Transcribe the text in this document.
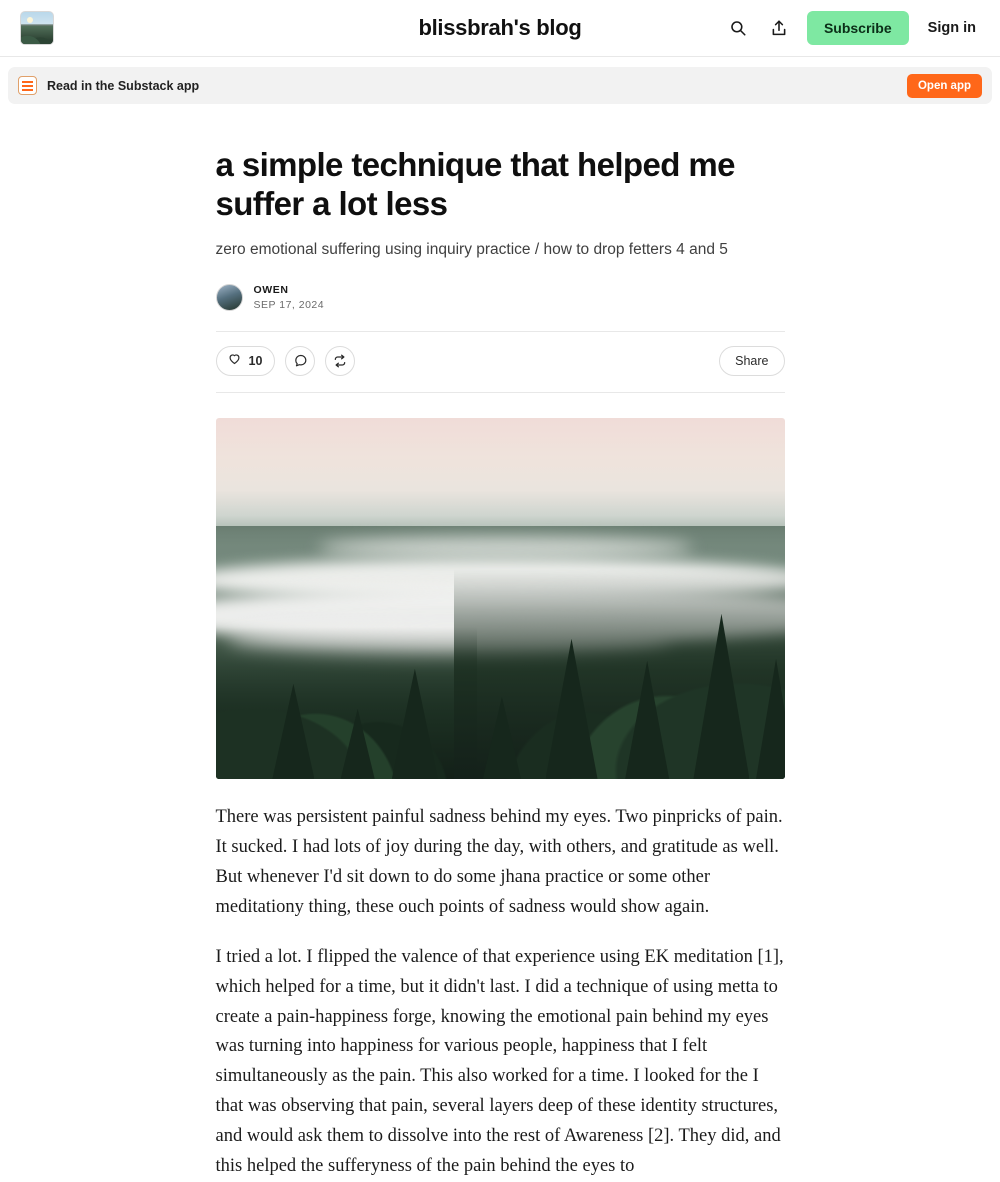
blissbrah's blog	Subscribe	Sign in
Read in the Substack app	Open app
a simple technique that helped me suffer a lot less

zero emotional suffering using inquiry practice / how to drop fetters 4 and 5

OWEN
SEP 17, 2024
10	Share

There was persistent painful sadness behind my eyes. Two pinpricks of pain. It sucked. I had lots of joy during the day, with others, and gratitude as well. But whenever I'd sit down to do some jhana practice or some other meditationy thing, these ouch points of sadness would show again.

I tried a lot. I flipped the valence of that experience using EK meditation [1], which helped for a time, but it didn't last. I did a technique of using metta to create a pain-happiness forge, knowing the emotional pain behind my eyes was turning into happiness for various people, happiness that I felt simultaneously as the pain. This also worked for a time. I looked for the I that was observing that pain, several layers deep of these identity structures, and would ask them to dissolve into the rest of Awareness [2]. They did, and this helped the sufferyness of the pain behind the eyes to
